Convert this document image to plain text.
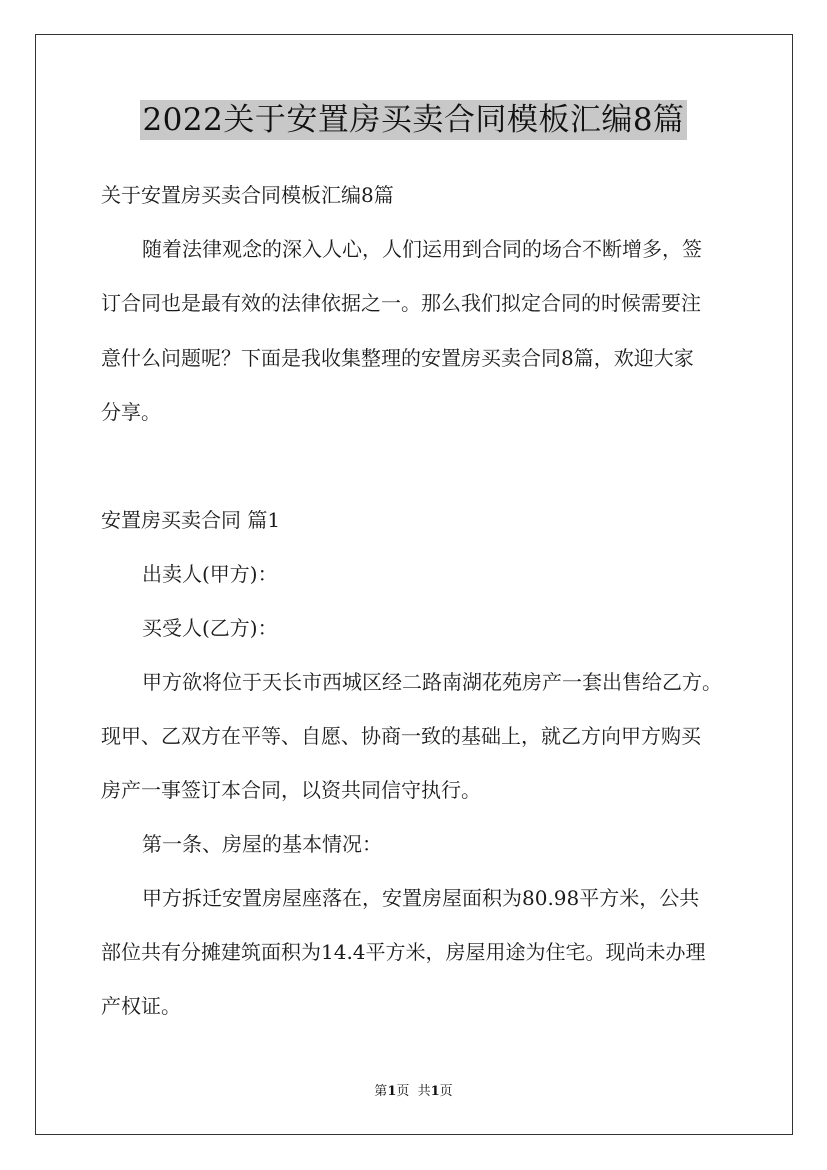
2022关于安置房买卖合同模板汇编8篇
关于安置房买卖合同模板汇编8篇
随着法律观念的深入人心，人们运用到合同的场合不断增多，签
订合同也是最有效的法律依据之一。那么我们拟定合同的时候需要注
意什么问题呢？下面是我收集整理的安置房买卖合同8篇，欢迎大家
分享。
安置房买卖合同 篇1
出卖人(甲方)：
买受人(乙方)：
甲方欲将位于天长市西城区经二路南湖花苑房产一套出售给乙方。
现甲、乙双方在平等、自愿、协商一致的基础上，就乙方向甲方购买
房产一事签订本合同，以资共同信守执行。
第一条、房屋的基本情况：
甲方拆迁安置房屋座落在，安置房屋面积为80.98平方米，公共
部位共有分摊建筑面积为14.4平方米，房屋用途为住宅。现尚未办理
产权证。
第1页  共1页
